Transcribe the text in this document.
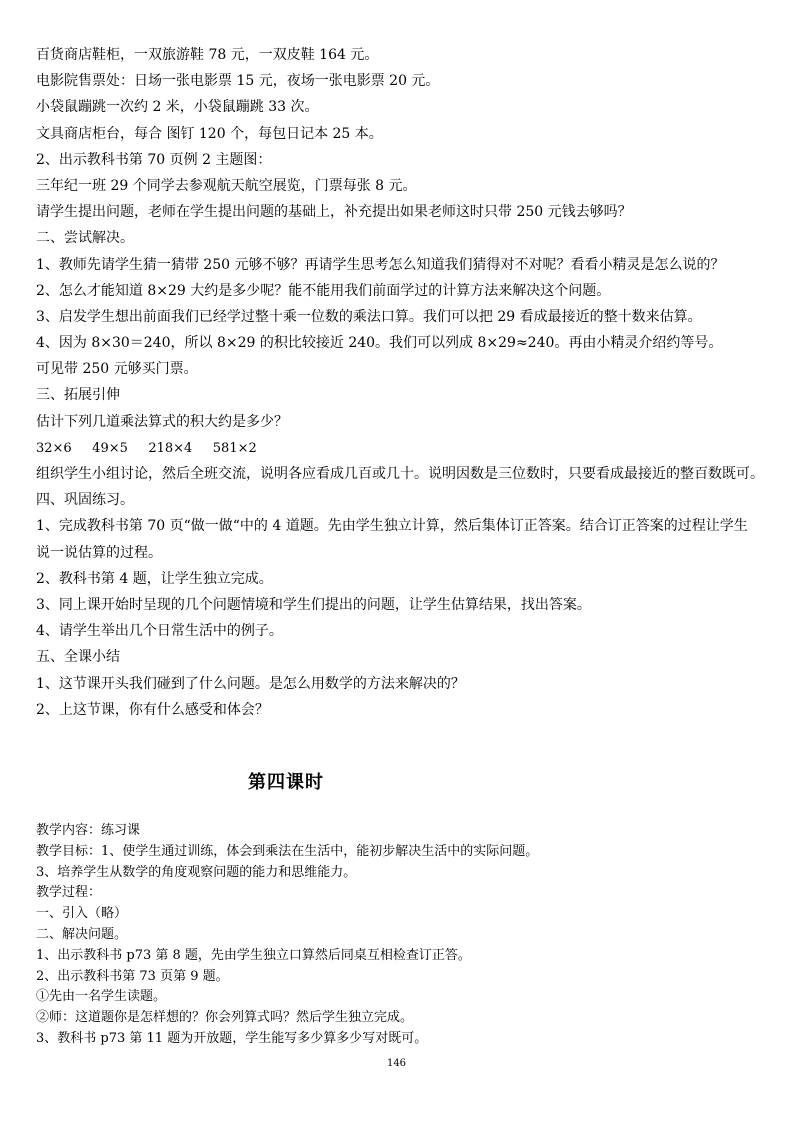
百货商店鞋柜，一双旅游鞋 78 元，一双皮鞋 164 元。
电影院售票处：日场一张电影票 15 元，夜场一张电影票 20 元。
小袋鼠蹦跳一次约 2 米，小袋鼠蹦跳 33 次。
文具商店柜台，每合 图钉 120 个，每包日记本 25 本。
2、出示教科书第 70 页例 2 主题图：
三年纪一班 29 个同学去参观航天航空展览，门票每张 8 元。
请学生提出问题，老师在学生提出问题的基础上，补充提出如果老师这时只带 250 元钱去够吗？
二、尝试解决。
1、教师先请学生猜一猜带 250 元够不够？再请学生思考怎么知道我们猜得对不对呢？看看小精灵是怎么说的？
2、怎么才能知道 8×29 大约是多少呢？能不能用我们前面学过的计算方法来解决这个问题。
3、启发学生想出前面我们已经学过整十乘一位数的乘法口算。我们可以把 29 看成最接近的整十数来估算。
4、因为 8×30＝240，所以 8×29 的积比较接近 240。我们可以列成 8×29≈240。再由小精灵介绍约等号。
可见带 250 元够买门票。
三、拓展引伸
估计下列几道乘法算式的积大约是多少？
32×6 49×5 218×4 581×2
组织学生小组讨论，然后全班交流，说明各应看成几百或几十。说明因数是三位数时，只要看成最接近的整百数既可。
四、巩固练习。
1、完成教科书第 70 页“做一做“中的 4 道题。先由学生独立计算，然后集体订正答案。结合订正答案的过程让学生
说一说估算的过程。
2、教科书第 4 题，让学生独立完成。
3、同上课开始时呈现的几个问题情境和学生们提出的问题，让学生估算结果，找出答案。
4、请学生举出几个日常生活中的例子。
五、全课小结
1、这节课开头我们碰到了什么问题。是怎么用数学的方法来解决的？
2、上这节课，你有什么感受和体会？
第四课时
教学内容：练习课
教学目标：1、使学生通过训练，体会到乘法在生活中，能初步解决生活中的实际问题。
3、培养学生从数学的角度观察问题的能力和思维能力。
教学过程：
一、引入（略）
二、解决问题。
1、出示教科书 p73 第 8 题，先由学生独立口算然后同桌互相检查订正答。
2、出示教科书第 73 页第 9 题。
①先由一名学生读题。
②师：这道题你是怎样想的？你会列算式吗？然后学生独立完成。
3、教科书 p73 第 11 题为开放题，学生能写多少算多少写对既可。
146
